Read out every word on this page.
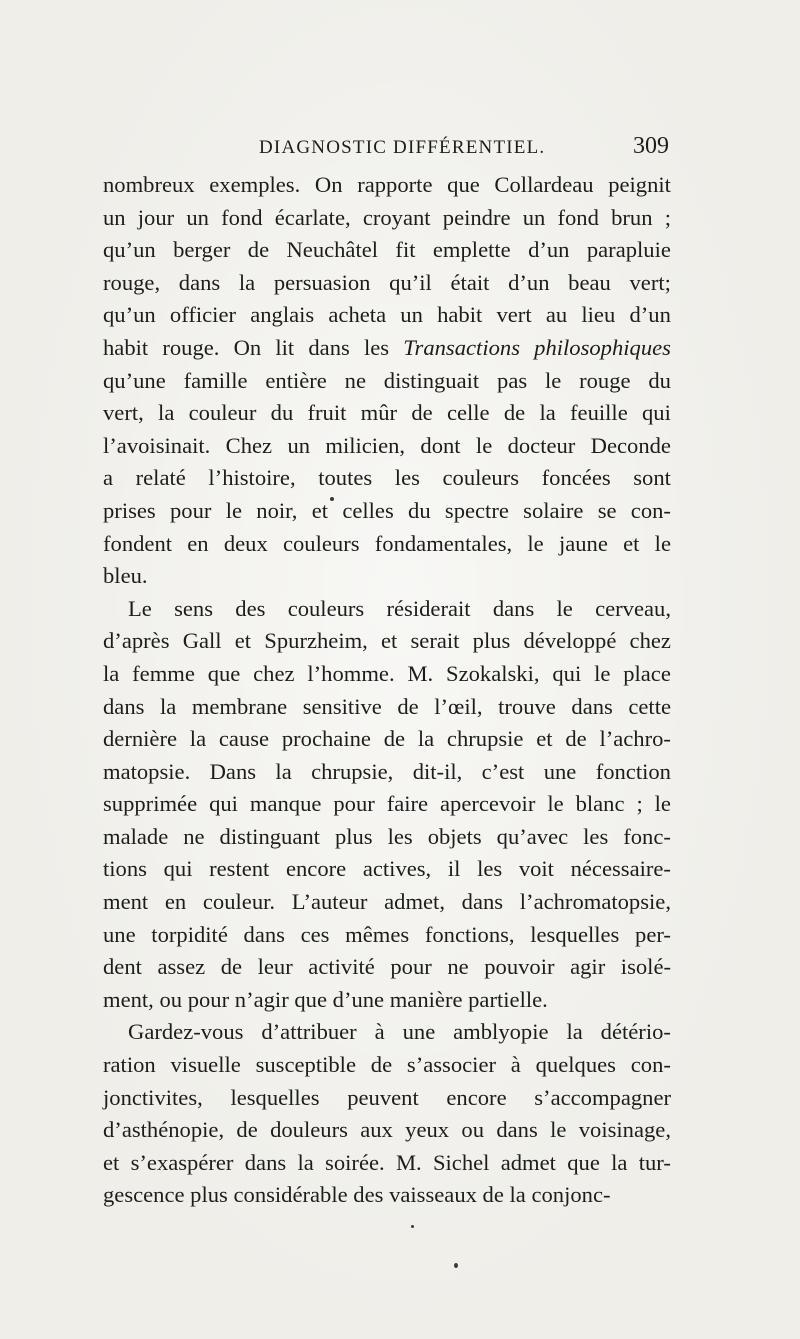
DIAGNOSTIC DIFFÉRENTIEL.	309
nombreux exemples. On rapporte que Collardeau peignit
un jour un fond écarlate, croyant peindre un fond brun ;
qu’un berger de Neuchâtel fit emplette d’un parapluie
rouge, dans la persuasion qu’il était d’un beau vert;
qu’un officier anglais acheta un habit vert au lieu d’un
habit rouge. On lit dans les Transactions philosophiques
qu’une famille entière ne distinguait pas le rouge du
vert, la couleur du fruit mûr de celle de la feuille qui
l’avoisinait. Chez un milicien, dont le docteur Deconde
a relaté l’histoire, toutes les couleurs foncées sont
prises pour le noir, et celles du spectre solaire se con-
fondent en deux couleurs fondamentales, le jaune et le
bleu.
Le sens des couleurs résiderait dans le cerveau,
d’après Gall et Spurzheim, et serait plus développé chez
la femme que chez l’homme. M. Szokalski, qui le place
dans la membrane sensitive de l’œil, trouve dans cette
dernière la cause prochaine de la chrupsie et de l’achro-
matopsie. Dans la chrupsie, dit-il, c’est une fonction
supprimée qui manque pour faire apercevoir le blanc ; le
malade ne distinguant plus les objets qu’avec les fonc-
tions qui restent encore actives, il les voit nécessaire-
ment en couleur. L’auteur admet, dans l’achromatopsie,
une torpidité dans ces mêmes fonctions, lesquelles per-
dent assez de leur activité pour ne pouvoir agir isolé-
ment, ou pour n’agir que d’une manière partielle.
Gardez-vous d’attribuer à une amblyopie la détério-
ration visuelle susceptible de s’associer à quelques con-
jonctivites, lesquelles peuvent encore s’accompagner
d’asthénopie, de douleurs aux yeux ou dans le voisinage,
et s’exaspérer dans la soirée. M. Sichel admet que la tur-
gescence plus considérable des vaisseaux de la conjonc-
